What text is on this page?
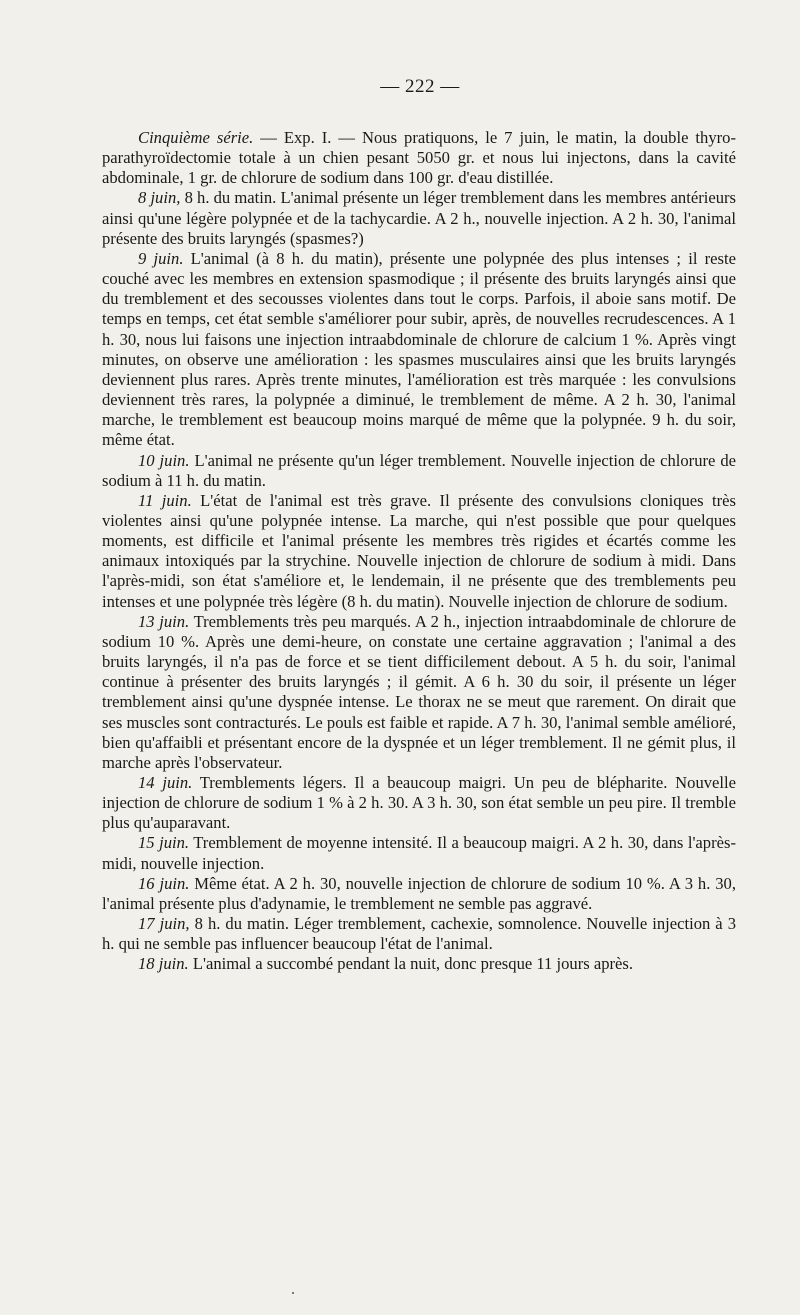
— 222 —

Cinquième série. — Exp. I. — Nous pratiquons, le 7 juin, le matin, la double thyro-parathyroïdectomie totale à un chien pesant 5050 gr. et nous lui injectons, dans la cavité abdominale, 1 gr. de chlorure de sodium dans 100 gr. d'eau distillée.

8 juin, 8 h. du matin. L'animal présente un léger tremblement dans les membres antérieurs ainsi qu'une légère polypnée et de la tachycardie. A 2 h., nouvelle injection. A 2 h. 30, l'animal présente des bruits laryngés (spasmes?)

9 juin. L'animal (à 8 h. du matin), présente une polypnée des plus intenses ; il reste couché avec les membres en extension spasmodique ; il présente des bruits laryngés ainsi que du tremblement et des secousses violentes dans tout le corps. Parfois, il aboie sans motif. De temps en temps, cet état semble s'améliorer pour subir, après, de nouvelles recrudescences. A 1 h. 30, nous lui faisons une injection intraabdominale de chlorure de calcium 1 %. Après vingt minutes, on observe une amélioration : les spasmes musculaires ainsi que les bruits laryngés deviennent plus rares. Après trente minutes, l'amélioration est très marquée : les convulsions deviennent très rares, la polypnée a diminué, le tremblement de même. A 2 h. 30, l'animal marche, le tremblement est beaucoup moins marqué de même que la polypnée. 9 h. du soir, même état.

10 juin. L'animal ne présente qu'un léger tremblement. Nouvelle injection de chlorure de sodium à 11 h. du matin.

11 juin. L'état de l'animal est très grave. Il présente des convulsions cloniques très violentes ainsi qu'une polypnée intense. La marche, qui n'est possible que pour quelques moments, est difficile et l'animal présente les membres très rigides et écartés comme les animaux intoxiqués par la strychine. Nouvelle injection de chlorure de sodium à midi. Dans l'après-midi, son état s'améliore et, le lendemain, il ne présente que des tremblements peu intenses et une polypnée très légère (8 h. du matin). Nouvelle injection de chlorure de sodium.

13 juin. Tremblements très peu marqués. A 2 h., injection intraabdominale de chlorure de sodium 10 %. Après une demi-heure, on constate une certaine aggravation ; l'animal a des bruits laryngés, il n'a pas de force et se tient difficilement debout. A 5 h. du soir, l'animal continue à présenter des bruits laryngés ; il gémit. A 6 h. 30 du soir, il présente un léger tremblement ainsi qu'une dyspnée intense. Le thorax ne se meut que rarement. On dirait que ses muscles sont contracturés. Le pouls est faible et rapide. A 7 h. 30, l'animal semble amélioré, bien qu'affaibli et présentant encore de la dyspnée et un léger tremblement. Il ne gémit plus, il marche après l'observateur.

14 juin. Tremblements légers. Il a beaucoup maigri. Un peu de blépharite. Nouvelle injection de chlorure de sodium 1 % à 2 h. 30. A 3 h. 30, son état semble un peu pire. Il tremble plus qu'auparavant.

15 juin. Tremblement de moyenne intensité. Il a beaucoup maigri. A 2 h. 30, dans l'après-midi, nouvelle injection.

16 juin. Même état. A 2 h. 30, nouvelle injection de chlorure de sodium 10 %. A 3 h. 30, l'animal présente plus d'adynamie, le tremblement ne semble pas aggravé.

17 juin, 8 h. du matin. Léger tremblement, cachexie, somnolence. Nouvelle injection à 3 h. qui ne semble pas influencer beaucoup l'état de l'animal.

18 juin. L'animal a succombé pendant la nuit, donc presque 11 jours après.
